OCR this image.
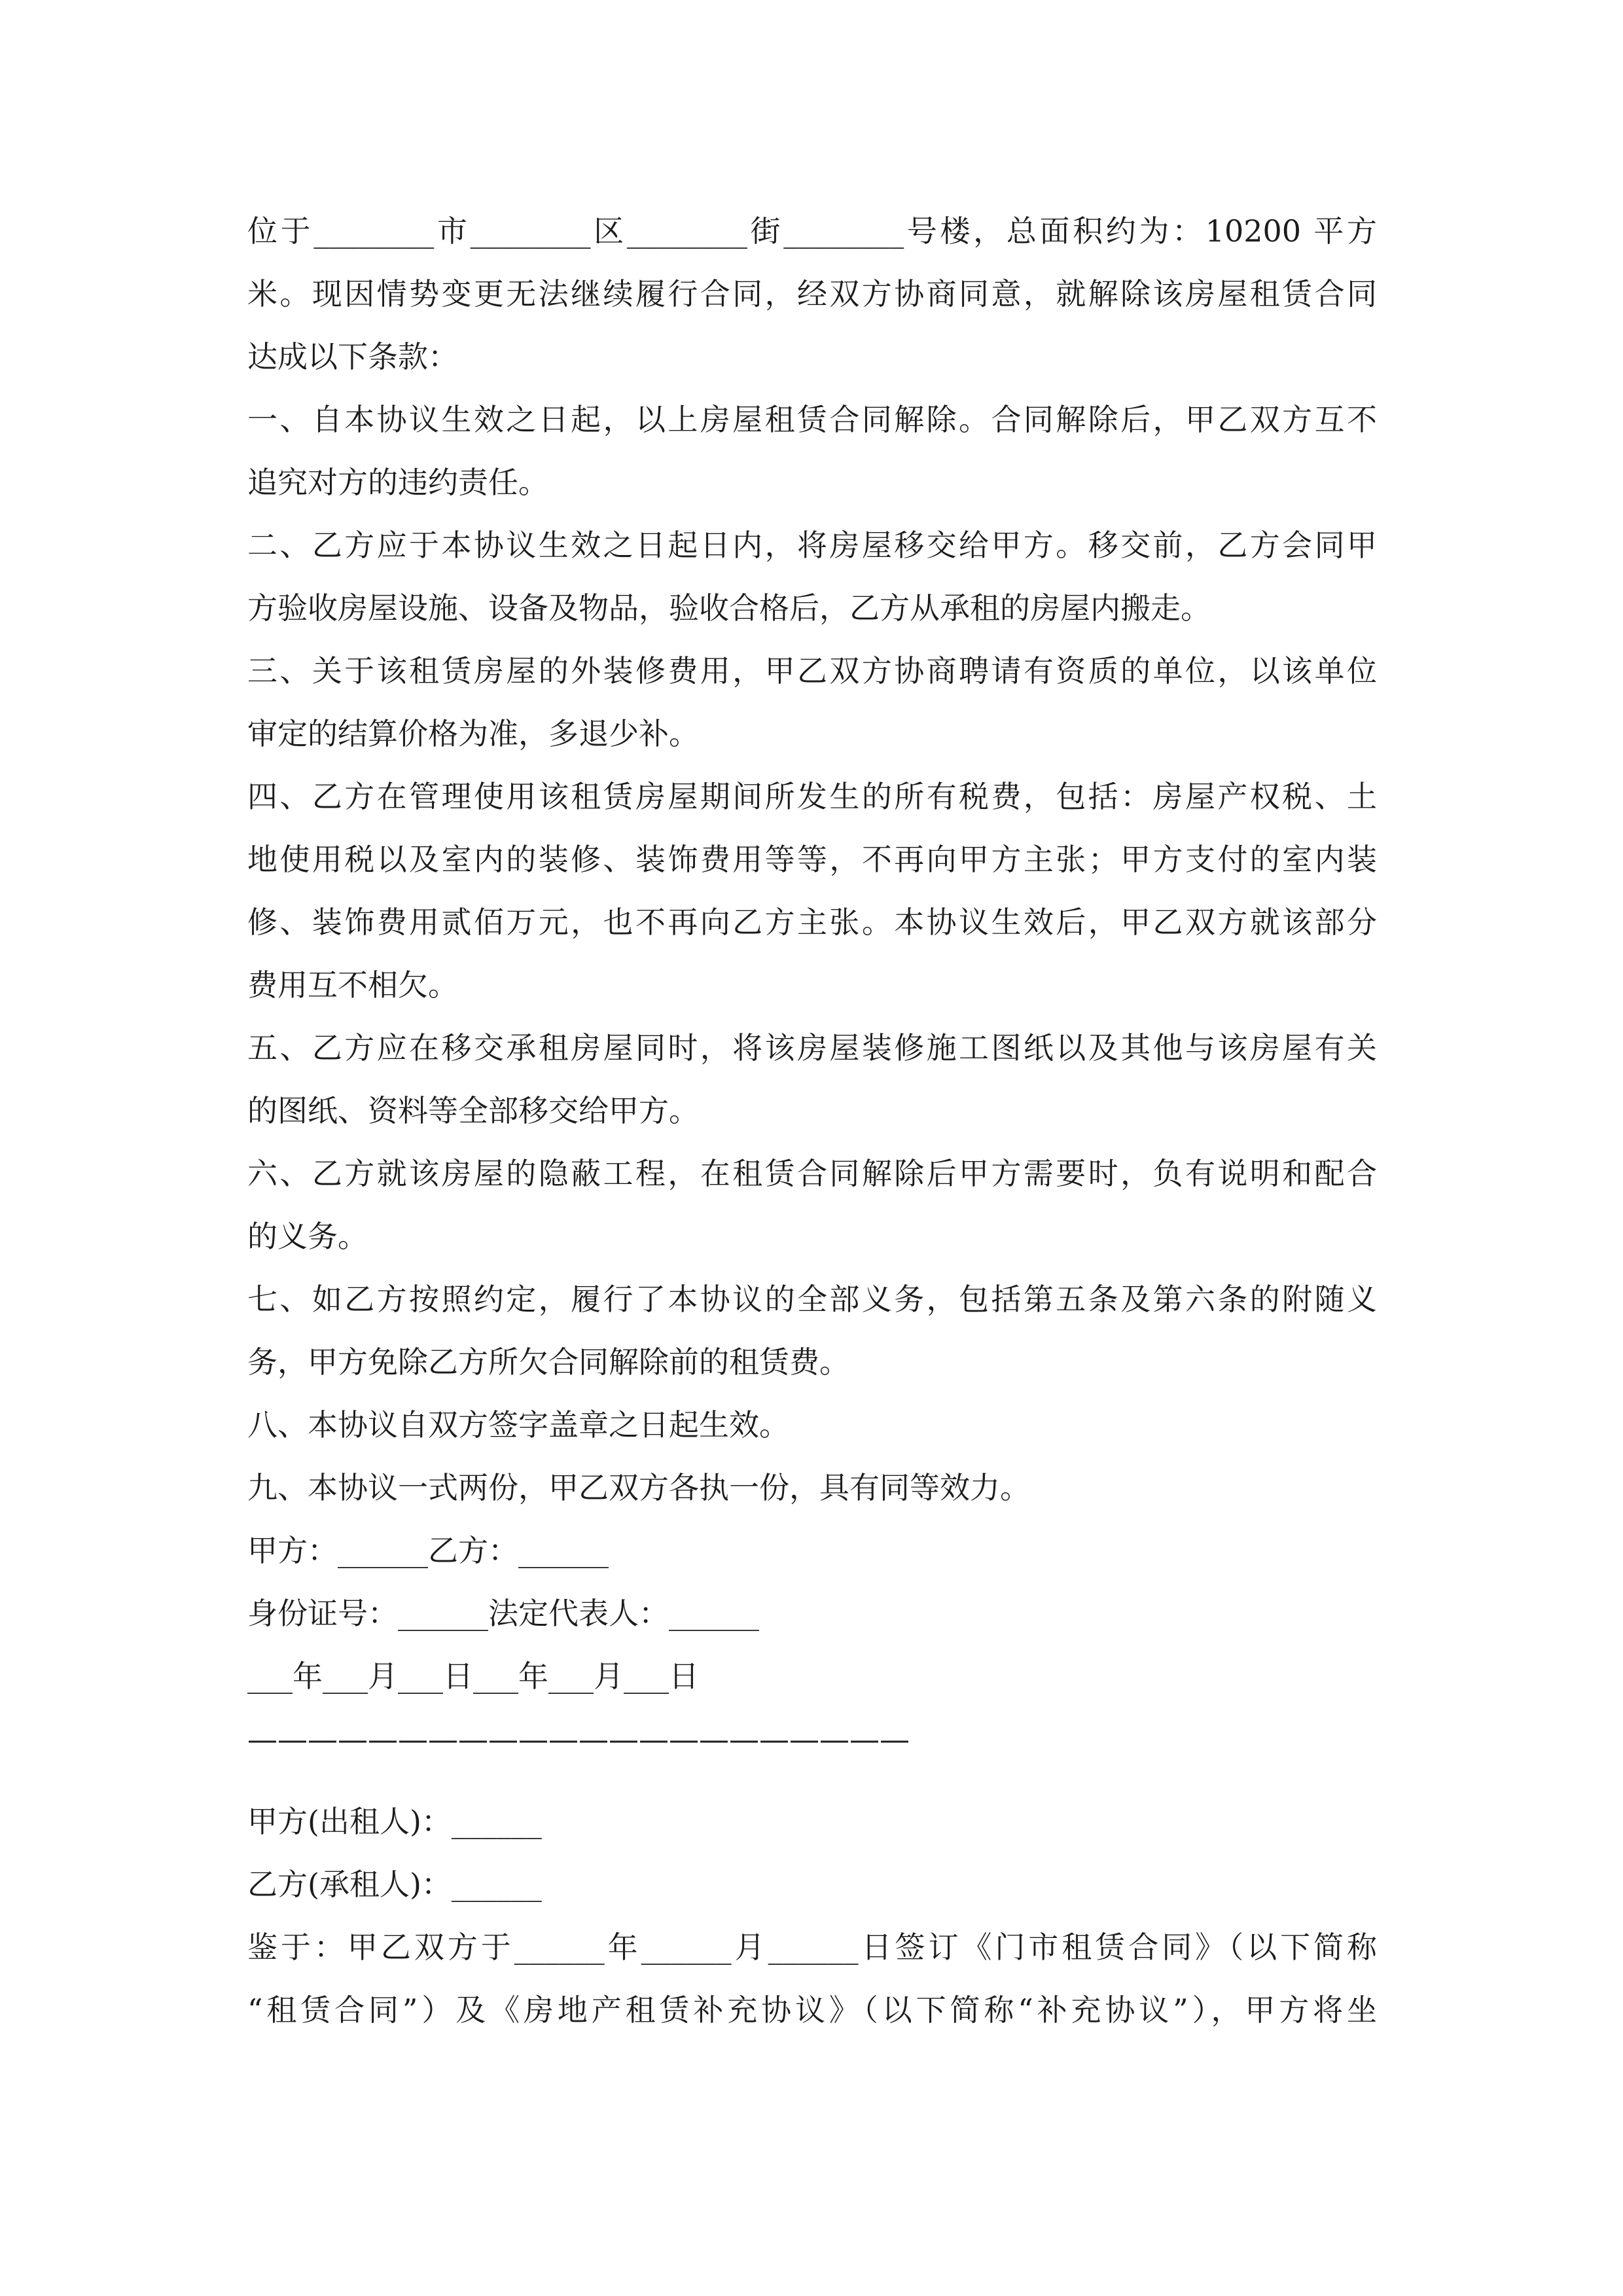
位于________市________区________街________号楼，总面积约为：10200 平方

米。现因情势变更无法继续履行合同，经双方协商同意，就解除该房屋租赁合同

达成以下条款：

一、自本协议生效之日起，以上房屋租赁合同解除。合同解除后，甲乙双方互不

追究对方的违约责任。

二、乙方应于本协议生效之日起日内，将房屋移交给甲方。移交前，乙方会同甲

方验收房屋设施、设备及物品，验收合格后，乙方从承租的房屋内搬走。

三、关于该租赁房屋的外装修费用，甲乙双方协商聘请有资质的单位，以该单位

审定的结算价格为准，多退少补。

四、乙方在管理使用该租赁房屋期间所发生的所有税费，包括：房屋产权税、土

地使用税以及室内的装修、装饰费用等等，不再向甲方主张；甲方支付的室内装

修、装饰费用贰佰万元，也不再向乙方主张。本协议生效后，甲乙双方就该部分

费用互不相欠。

五、乙方应在移交承租房屋同时，将该房屋装修施工图纸以及其他与该房屋有关

的图纸、资料等全部移交给甲方。

六、乙方就该房屋的隐蔽工程，在租赁合同解除后甲方需要时，负有说明和配合

的义务。

七、如乙方按照约定，履行了本协议的全部义务，包括第五条及第六条的附随义

务，甲方免除乙方所欠合同解除前的租赁费。

八、本协议自双方签字盖章之日起生效。

九、本协议一式两份，甲乙双方各执一份，具有同等效力。

甲方：______乙方：______

身份证号：______法定代表人：______

___年___月___日___年___月___日

——————————————————————

甲方(出租人)：______

乙方(承租人)：______

鉴于：甲乙双方于______年______月______日签订《门市租赁合同》（以下简称

“租赁合同”）及《房地产租赁补充协议》（以下简称“补充协议”），甲方将坐
